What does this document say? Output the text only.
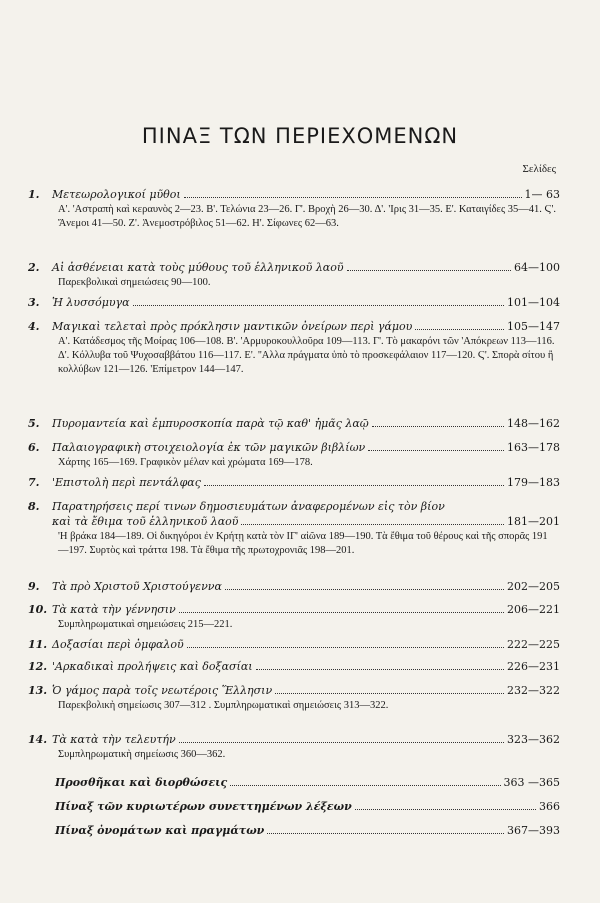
ΠΙΝΑΞ ΤΩΝ ΠΕΡΙΕΧΟΜΕΝΩΝ
Σελίδες
1.	Μετεωρολογικοί μῦθοι	1— 63
Α'. 'Αστραπὴ καὶ κεραυνὸς 2—23. Β'. Τελώνια 23—26. Γ'. Βροχὴ 26—30. Δ'. 'Ιρις 31—35. Ε'. Καταιγίδες 35—41. Ϛ'. Ἄνεμοι 41—50. Ζ'. Ἀνεμοστρόβιλος 51—62. Η'. Σίφωνες 62—63.
2.	Αἱ ἀσθένειαι κατὰ τοὺς μύθους τοῦ ἑλληνικοῦ λαοῦ	64—100
Παρεκβολικαὶ σημειώσεις 90—100.
3.	Ἡ λυσσόμυγα	101—104
4.	Μαγικαὶ τελεταὶ πρὸς πρόκλησιν μαντικῶν ὀνείρων περὶ γάμου	105—147
Α'. Κατάδεσμος τῆς Μοίρας 106—108. Β'. 'Αρμυροκουλλοῦρα 109—113. Γ'. Τὸ μακαρόνι τῶν 'Απόκρεων 113—116. Δ'. Κόλλυβα τοῦ Ψυχοσαββάτου 116—117. Ε'. ''Αλλα πράγματα ὑπὸ τὸ προσκεφάλαιον 117—120. Ϛ'. Σπορὰ σίτου ἢ κολλύβων 121—126. 'Επίμετρον 144—147.
5.	Πυρομαντεία καὶ ἐμπυροσκοπία παρὰ τῷ καθ' ἡμᾶς λαῷ	148—162
6.	Παλαιογραφικὴ στοιχειολογία ἐκ τῶν μαγικῶν βιβλίων	163—178
Χάρτης 165—169. Γραφικὸν μέλαν καὶ χρώματα 169—178.
7.	'Επιστολὴ περὶ πεντάλφας	179—183
8.	Παρατηρήσεις περί τινων δημοσιευμάτων ἀναφερομένων εἰς τὸν βίον
καὶ τὰ ἔθιμα τοῦ ἑλληνικοῦ λαοῦ	181—201
'Η βράκα 184—189. Οἱ δικηγόροι ἐν Κρήτῃ κατὰ τὸν ΙΓ' αἰῶνα 189—190. Τὰ ἔθιμα τοῦ θέρους καὶ τῆς σπορᾶς 191—197. Συρτὸς καὶ τράττα 198. Τὰ ἔθιμα τῆς πρωτοχρονιᾶς 198—201.
9.	Τὰ πρὸ Χριστοῦ Χριστούγεννα	202—205
10. Τὰ κατὰ τὴν γέννησιν	206—221
Συμπληρωματικαὶ σημειώσεις 215—221.
11. Δοξασίαι περὶ ὀμφαλοῦ	222—225
12. 'Αρκαδικαὶ προλήψεις καὶ δοξασίαι	226—231
13. Ὁ γάμος παρὰ τοῖς νεωτέροις Ἕλλησιν	232—322
Παρεκβολικὴ σημείωσις 307—312 . Συμπληρωματικαὶ σημειώσεις 313—322.
14. Τὰ κατὰ τὴν τελευτήν	323—362
Συμπληρωματικὴ σημείωσις 360—362.
Προσθῆκαι καὶ διορθώσεις	363 —365
Πίναξ τῶν κυριωτέρων συνεττημένων λέξεων	366
Πίναξ ὀνομάτων καὶ πραγμάτων	367—393
